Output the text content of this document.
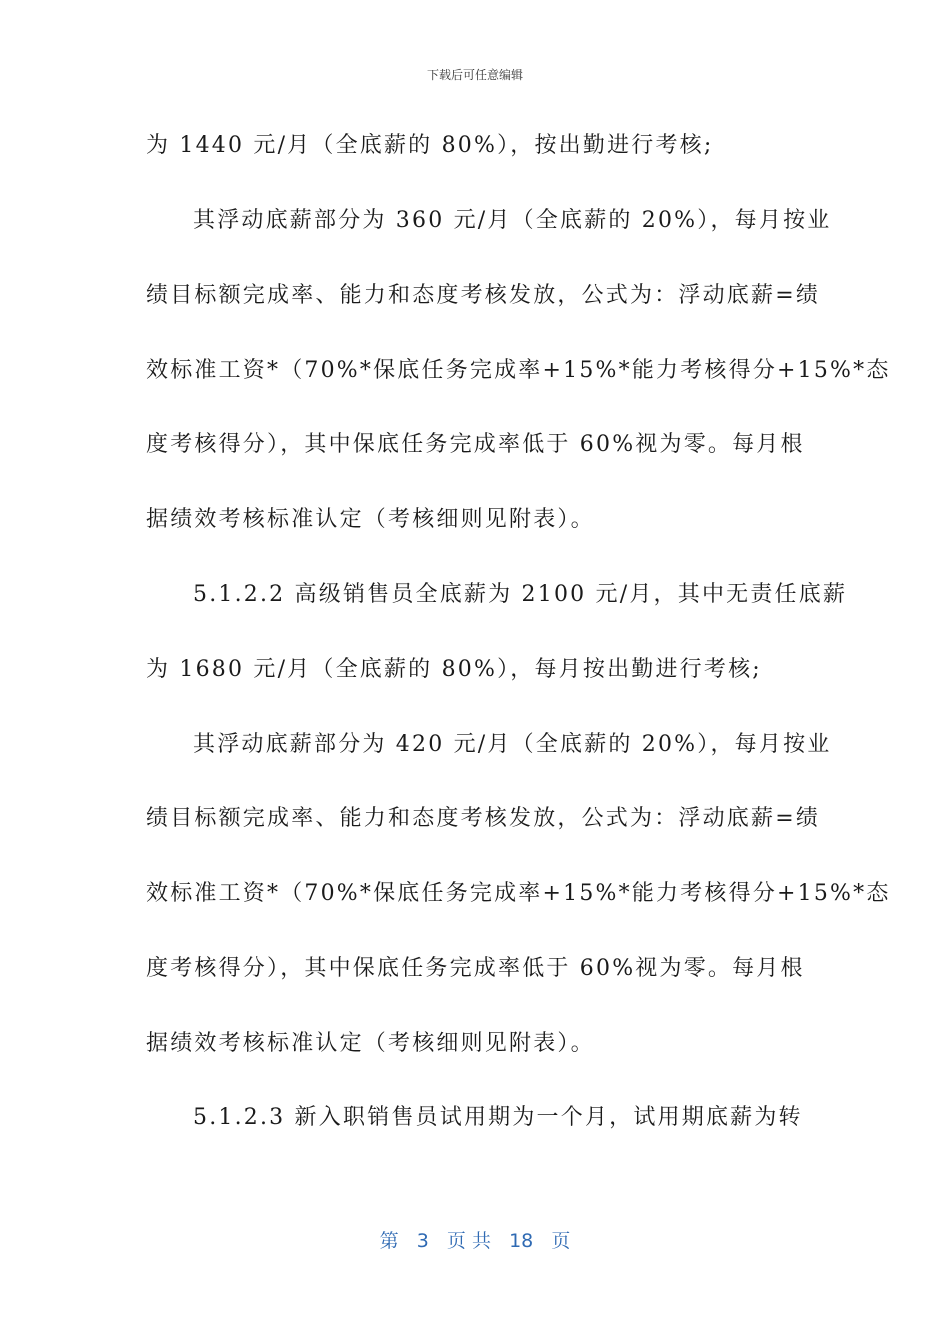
下载后可任意编辑
为 1440 元/月（全底薪的 80%），按出勤进行考核;
其浮动底薪部分为 360 元/月（全底薪的 20%），每月按业
绩目标额完成率、能力和态度考核发放，公式为：浮动底薪=绩
效标准工资*（70%*保底任务完成率+15%*能力考核得分+15%*态
度考核得分），其中保底任务完成率低于 60%视为零。每月根
据绩效考核标准认定（考核细则见附表）。
5.1.2.2 高级销售员全底薪为 2100 元/月，其中无责任底薪
为 1680 元/月（全底薪的 80%），每月按出勤进行考核;
其浮动底薪部分为 420 元/月（全底薪的 20%），每月按业
绩目标额完成率、能力和态度考核发放，公式为：浮动底薪=绩
效标准工资*（70%*保底任务完成率+15%*能力考核得分+15%*态
度考核得分），其中保底任务完成率低于 60%视为零。每月根
据绩效考核标准认定（考核细则见附表）。
5.1.2.3 新入职销售员试用期为一个月，试用期底薪为转
第 3 页 共 18 页
